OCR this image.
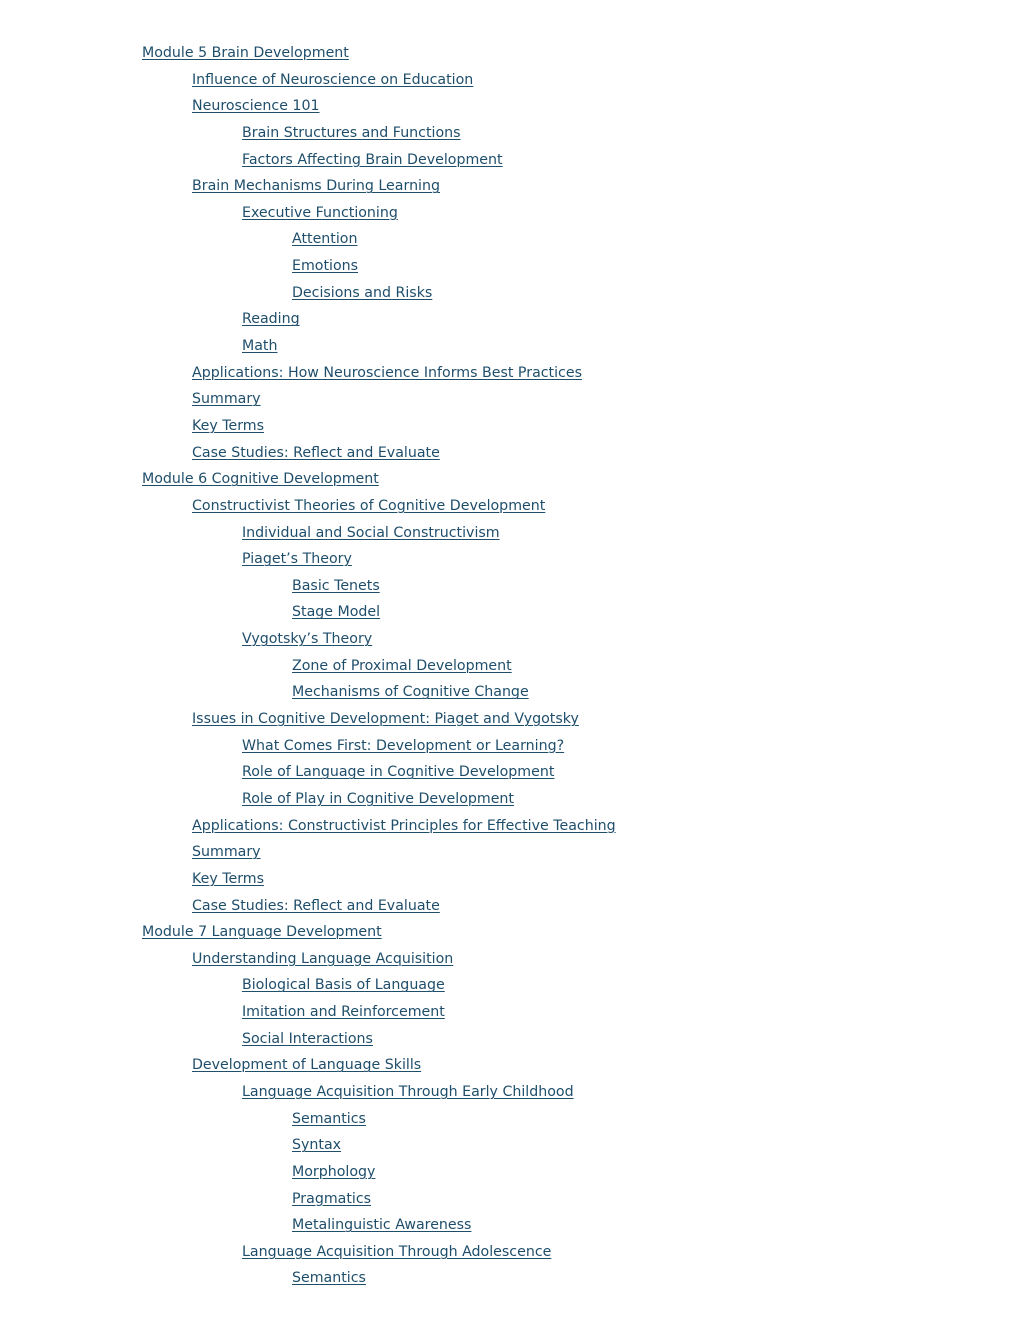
Module 5 Brain Development
Influence of Neuroscience on Education
Neuroscience 101
Brain Structures and Functions
Factors Affecting Brain Development
Brain Mechanisms During Learning
Executive Functioning
Attention
Emotions
Decisions and Risks
Reading
Math
Applications: How Neuroscience Informs Best Practices
Summary
Key Terms
Case Studies: Reflect and Evaluate
Module 6 Cognitive Development
Constructivist Theories of Cognitive Development
Individual and Social Constructivism
Piaget’s Theory
Basic Tenets
Stage Model
Vygotsky’s Theory
Zone of Proximal Development
Mechanisms of Cognitive Change
Issues in Cognitive Development: Piaget and Vygotsky
What Comes First: Development or Learning?
Role of Language in Cognitive Development
Role of Play in Cognitive Development
Applications: Constructivist Principles for Effective Teaching
Summary
Key Terms
Case Studies: Reflect and Evaluate
Module 7 Language Development
Understanding Language Acquisition
Biological Basis of Language
Imitation and Reinforcement
Social Interactions
Development of Language Skills
Language Acquisition Through Early Childhood
Semantics
Syntax
Morphology
Pragmatics
Metalinguistic Awareness
Language Acquisition Through Adolescence
Semantics
